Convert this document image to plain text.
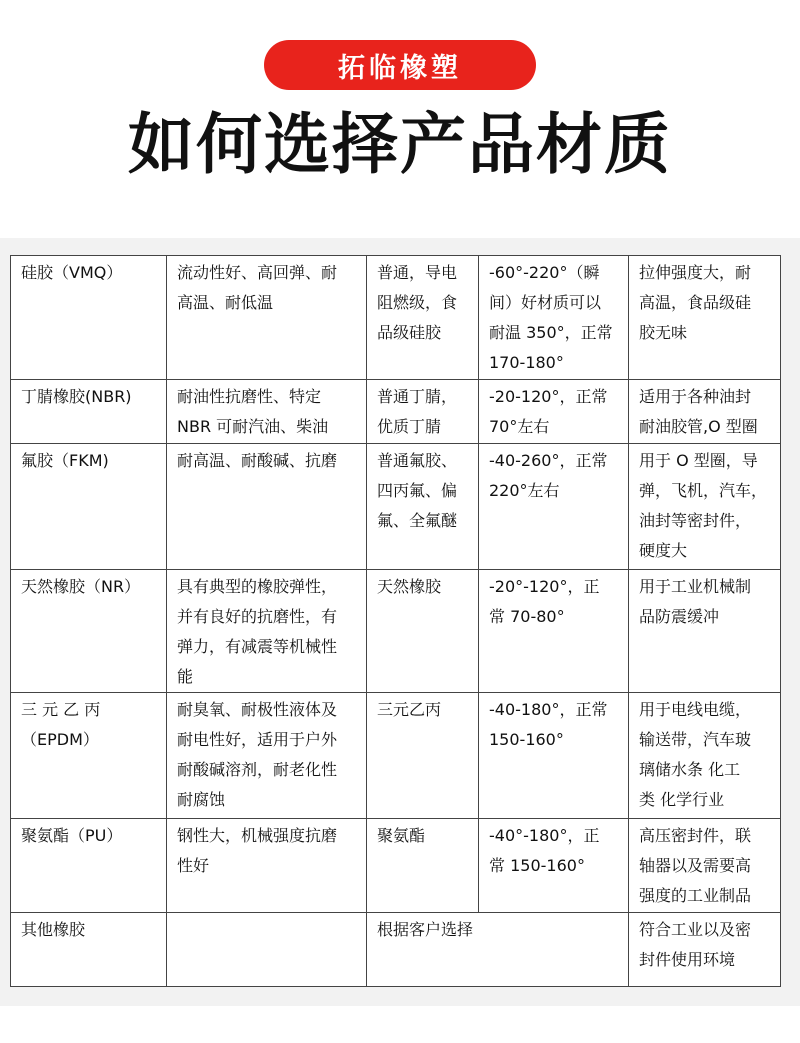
拓临橡塑
如何选择产品材质
硅胶（VMQ）	流动性好、高回弹、耐
高温、耐低温	普通，导电
阻燃级，食
品级硅胶	-60°-220°（瞬
间）好材质可以
耐温 350°，正常
170-180°	拉伸强度大，耐
高温，食品级硅
胶无味
丁腈橡胶(NBR)	耐油性抗磨性、特定
NBR 可耐汽油、柴油	普通丁腈，
优质丁腈	-20-120°，正常
70°左右	适用于各种油封
耐油胶管,O 型圈
氟胶（FKM)	耐高温、耐酸碱、抗磨	普通氟胶、
四丙氟、偏
氟、全氟醚	-40-260°，正常
220°左右	用于 O 型圈，导
弹，飞机，汽车，
油封等密封件，
硬度大
天然橡胶（NR）	具有典型的橡胶弹性，
并有良好的抗磨性，有
弹力，有减震等机械性
能	天然橡胶	-20°-120°，正
常 70-80°	用于工业机械制
品防震缓冲
三 元 乙 丙
（EPDM）	耐臭氧、耐极性液体及
耐电性好，适用于户外
耐酸碱溶剂，耐老化性
耐腐蚀	三元乙丙	-40-180°，正常
150-160°	用于电线电缆，
输送带，汽车玻
璃储水条 化工
类 化学行业
聚氨酯（PU）	钢性大，机械强度抗磨
性好	聚氨酯	-40°-180°，正
常 150-160°	高压密封件，联
轴器以及需要高
强度的工业制品
其他橡胶		根据客户选择		符合工业以及密
封件使用环境
